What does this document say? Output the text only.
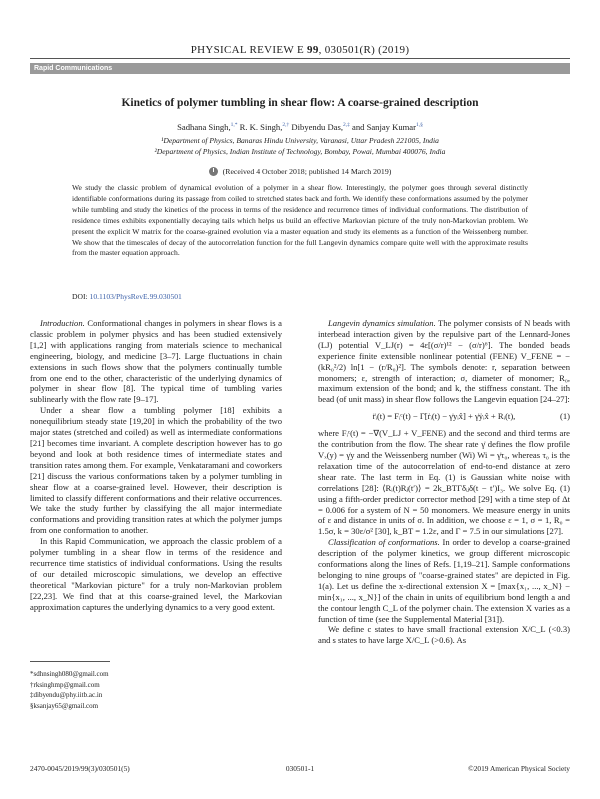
PHYSICAL REVIEW E 99, 030501(R) (2019)
Rapid Communications
Kinetics of polymer tumbling in shear flow: A coarse-grained description
Sadhana Singh,$^{1,*}$ R. K. Singh,$^{2,\dagger}$ Dibyendu Das,$^{2,\ddagger}$ and Sanjay Kumar$^{1,\S}$
¹Department of Physics, Banaras Hindu University, Varanasi, Uttar Pradesh 221005, India
²Department of Physics, Indian Institute of Technology, Bombay, Powai, Mumbai 400076, India
(Received 4 October 2018; published 14 March 2019)

We study the classic problem of dynamical evolution of a polymer in a shear flow. Interestingly, the polymer goes through several distinctly identifiable conformations during its passage from coiled to stretched states back and forth. We identify these conformations assumed by the polymer while tumbling and study the kinetics of the process in terms of the residence and recurrence times of individual conformations. The distribution of residence times exhibits exponentially decaying tails which helps us build an effective Markovian picture of the truly non-Markovian problem. We present the explicit W matrix for the coarse-grained evolution via a master equation and study its elements as a function of the Weissenberg number. We show that the timescales of decay of the autocorrelation function for the full Langevin dynamics compare quite well with the approximate results from the master equation approach.

DOI: 10.1103/PhysRevE.99.030501

Introduction. Conformational changes in polymers in shear flows is a classic problem in polymer physics and has been studied extensively [1,2] with applications ranging from materials science to mechanical engineering, biology, and medicine [3–7]. Large fluctuations in chain extensions in such flows show that the polymers continually tumble from one end to the other, characteristic of the underlying dynamics of polymer in shear flow [8]. The typical time of tumbling varies sublinearly with the flow rate [9–17].

Under a shear flow a tumbling polymer [18] exhibits a nonequilibrium steady state [19,20] in which the probability of the two major states (stretched and coiled) as well as intermediate conformations [21] becomes time invariant. A complete description however has to go beyond and look at both residence times of intermediate states and transition rates among them. For example, Venkataramani and coworkers [21] discuss the various conformations taken by a polymer tumbling in shear flow at a coarse-grained level. However, their description is limited to classify different conformations and their relative occurrences. We take the study further by classifying the all major intermediate conformations and providing transition rates at which the polymer jumps from one conformation to another.

In this Rapid Communication, we approach the classic problem of a polymer tumbling in a shear flow in terms of the residence and recurrence time statistics of individual conformations. Using the results of our detailed microscopic simulations, we develop an effective theoretical "Markovian picture" for a truly non-Markovian problem [22,23]. We find that at this coarse-grained level, the Markovian approximation captures the underlying dynamics to a very good extent.

*sdhnsingh080@gmail.com
†rksinghmp@gmail.com
‡dibyendu@phy.iitb.ac.in
§ksanjay65@gmail.com

Langevin dynamics simulation. The polymer consists of N beads with interbead interaction given by the repulsive part of the Lennard-Jones (LJ) potential V_LJ(r) = 4ε[(σ/r)¹² − (σ/r)⁶]. The bonded beads experience finite extensible nonlinear potential (FENE) V_FENE = −(kR₀²/2) ln[1 − (r/R₀)²]. The symbols denote: r, separation between monomers; ε, strength of interaction; σ, diameter of monomer; R₀, maximum extension of the bond; and k, the stiffness constant. The ith bead (of unit mass) in shear flow follows the Langevin equation [24–27]:

r̈ᵢ(t) = Fᵢᶜ(t) − Γ[ṙᵢ(t) − γ̇yᵢx̂] + γ̇ẏᵢx̂ + Rᵢ(t),	(1)

where Fᵢᶜ(t) = −∇(V_LJ + V_FENE) and the second and third terms are the contribution from the flow. The shear rate γ̇ defines the flow profile Vₓ(y) = γ̇y and the Weissenberg number (Wi) Wi = γ̇τ₀, whereas τ₀ is the relaxation time of the autocorrelation of end-to-end distance at zero shear rate. The last term in Eq. (1) is Gaussian white noise with correlations [28]: ⟨Rᵢ(t)Rⱼ(t′)⟩ = 2k_BTΓδᵢⱼδ(t − t′)I₃. We solve Eq. (1) using a fifth-order predictor corrector method [29] with a time step of Δt = 0.006 for a system of N = 50 monomers. We measure energy in units of ε and distance in units of σ. In addition, we choose ε = 1, σ = 1, R₀ = 1.5σ, k = 30ε/σ² [30], k_BT = 1.2ε, and Γ = 7.5 in our simulations [27].

Classification of conformations. In order to develop a coarse-grained description of the polymer kinetics, we group different microscopic conformations along the lines of Refs. [1,19–21]. Sample conformations belonging to nine groups of "coarse-grained states" are depicted in Fig. 1(a). Let us define the x-directional extension X = [max{x₁, ..., x_N} − min{x₁, ..., x_N}] of the chain in units of equilibrium bond length a and the contour length C_L of the polymer chain. The extension X varies as a function of time (see the Supplemental Material [31]).

We define c states to have small fractional extension X/C_L (<0.3) and s states to have large X/C_L (>0.6). As

2470-0045/2019/99(3)/030501(5)	030501-1	©2019 American Physical Society
